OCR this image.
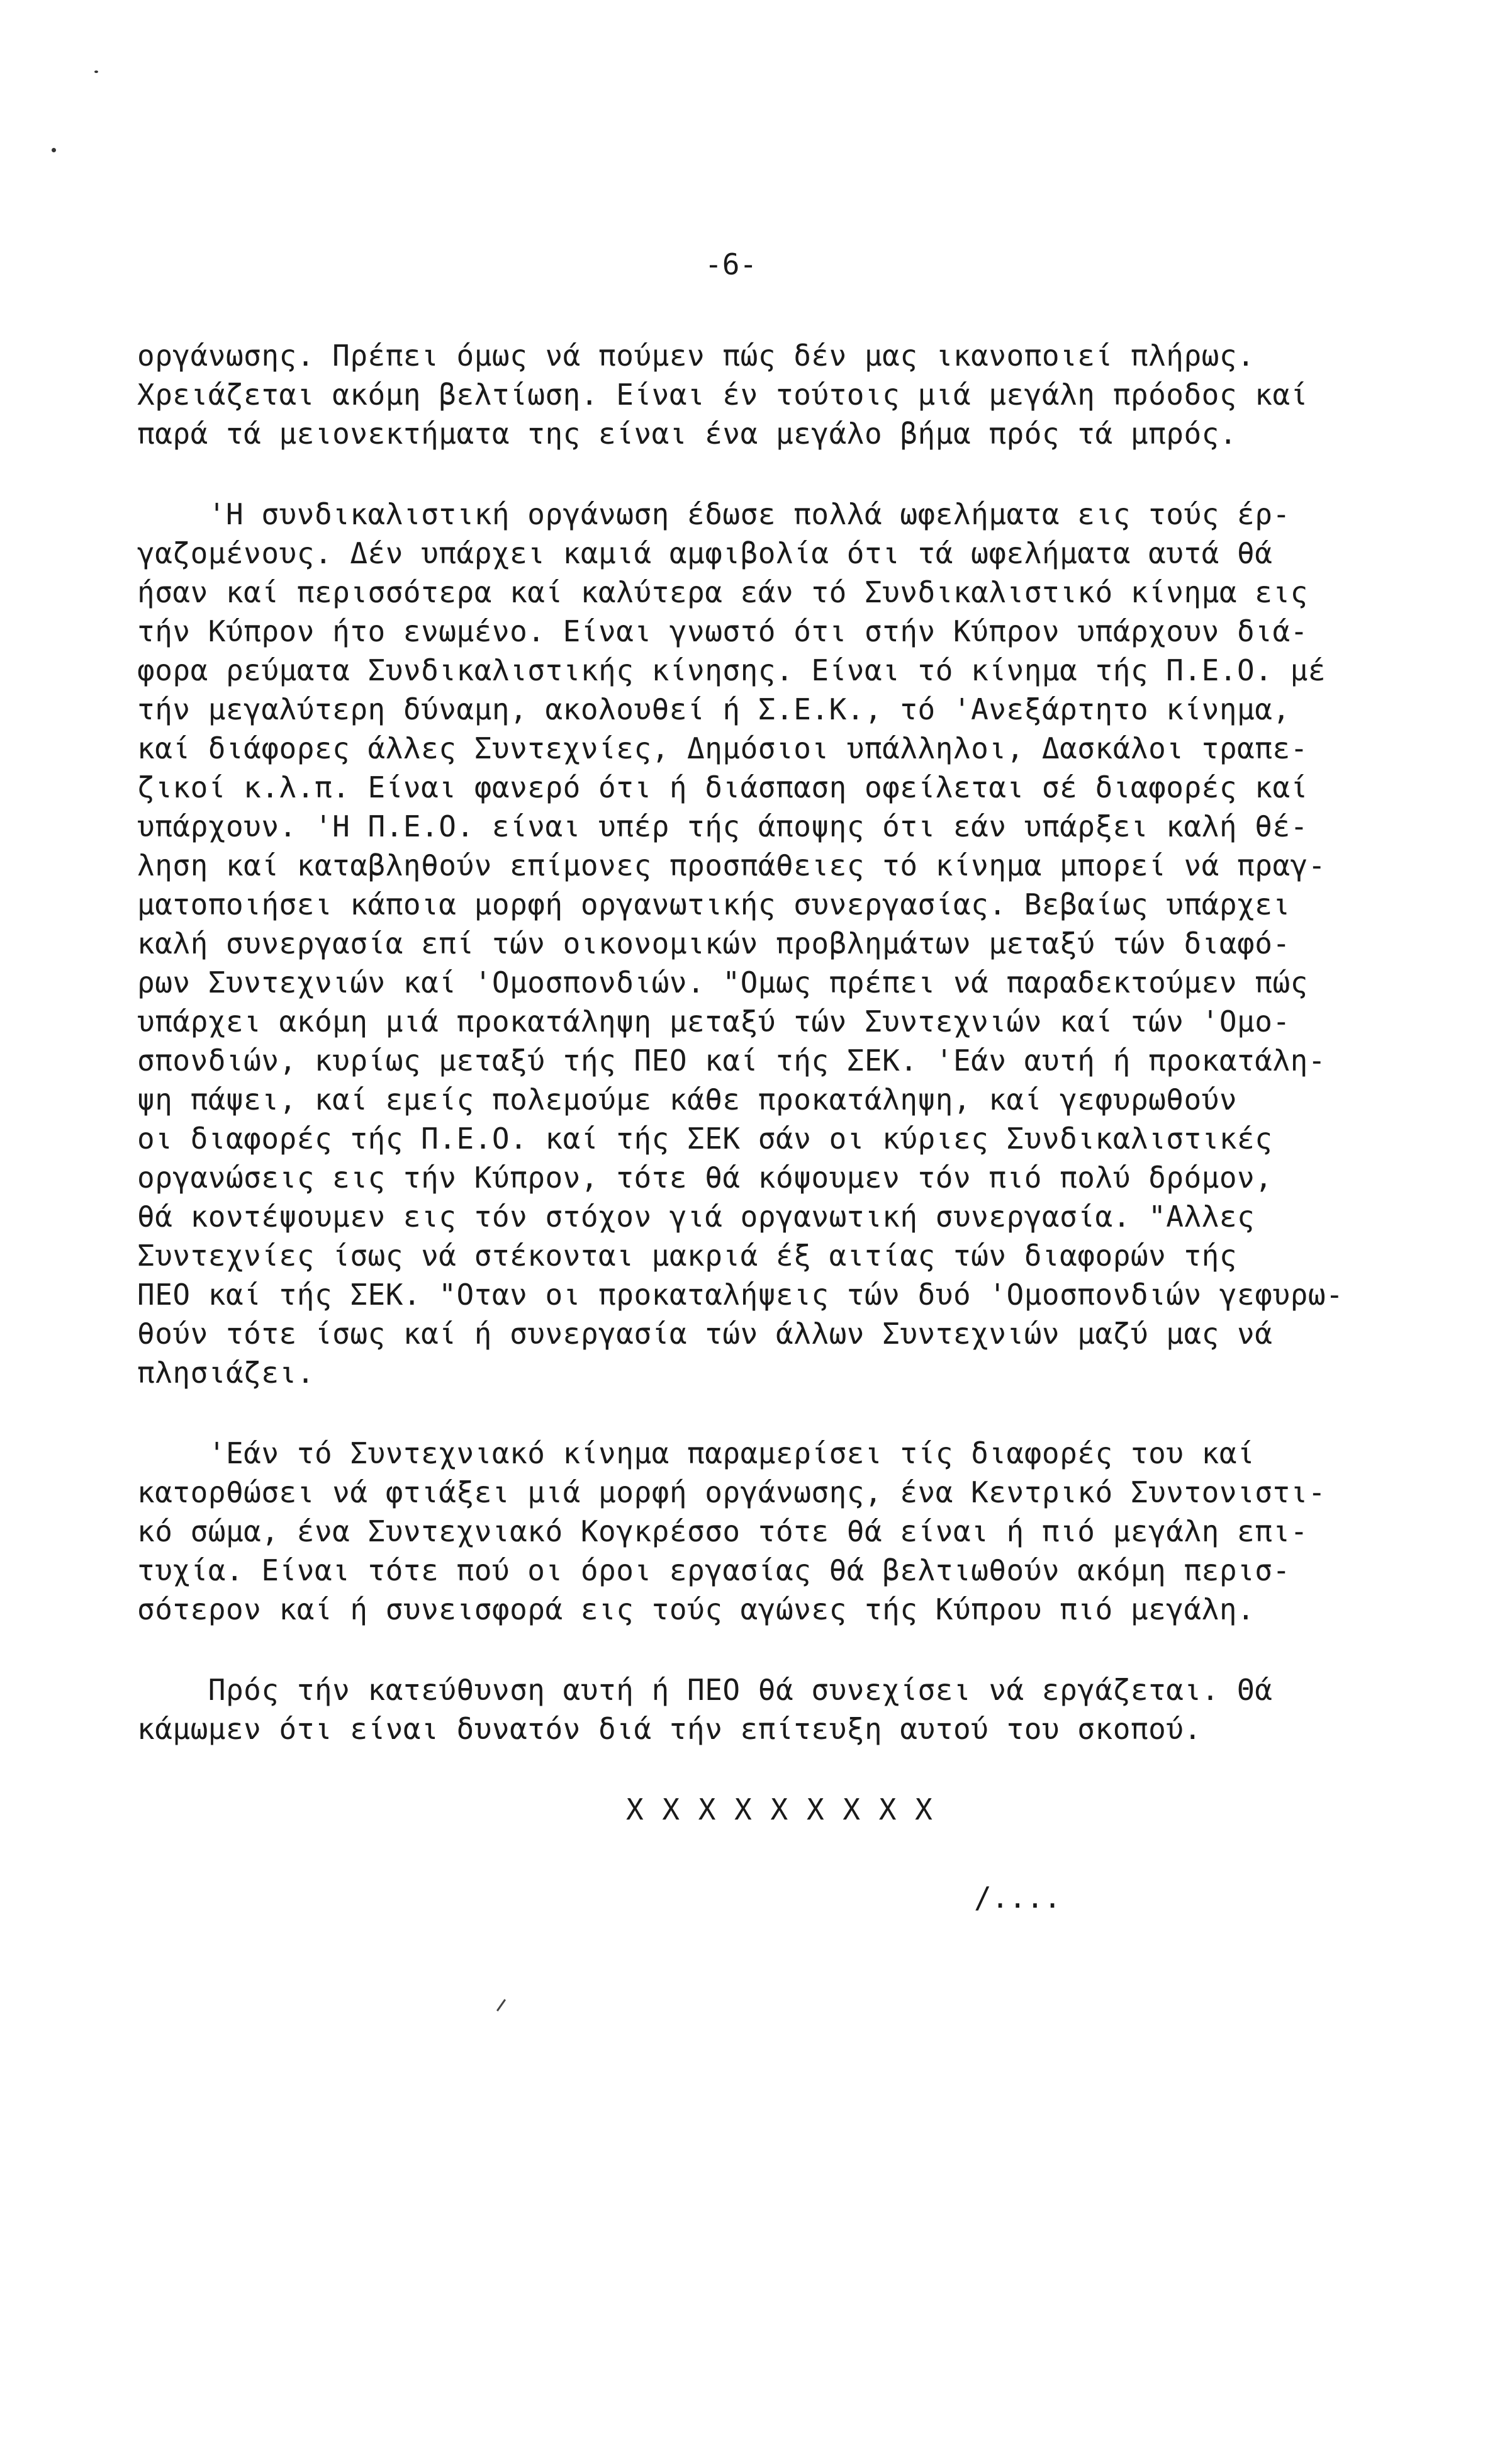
-6-
οργάνωσης. Πρέπει όμως νά πούμεν πώς δέν μας ικανοποιεί πλήρως.
Χρειάζεται ακόμη βελτίωση. Είναι έν τούτοις μιά μεγάλη πρόοδος καί
παρά τά μειονεκτήματα της είναι ένα μεγάλο βήμα πρός τά μπρός.
'Η συνδικαλιστική οργάνωση έδωσε πολλά ωφελήματα εις τούς έρ-
γαζομένους. Δέν υπάρχει καμιά αμφιβολία ότι τά ωφελήματα αυτά θά
ήσαν καί περισσότερα καί καλύτερα εάν τό Συνδικαλιστικό κίνημα εις
τήν Κύπρον ήτο ενωμένο. Είναι γνωστό ότι στήν Κύπρον υπάρχουν διά-
φορα ρεύματα Συνδικαλιστικής κίνησης. Είναι τό κίνημα τής Π.Ε.Ο. μέ
τήν μεγαλύτερη δύναμη, ακολουθεί ή Σ.Ε.Κ., τό 'Ανεξάρτητο κίνημα,
καί διάφορες άλλες Συντεχνίες, Δημόσιοι υπάλληλοι, Δασκάλοι τραπε-
ζικοί κ.λ.π. Είναι φανερό ότι ή διάσπαση οφείλεται σέ διαφορές καί
υπάρχουν. 'Η Π.Ε.Ο. είναι υπέρ τής άποψης ότι εάν υπάρξει καλή θέ-
ληση καί καταβληθούν επίμονες προσπάθειες τό κίνημα μπορεί νά πραγ-
ματοποιήσει κάποια μορφή οργανωτικής συνεργασίας. Βεβαίως υπάρχει
καλή συνεργασία επί τών οικονομικών προβλημάτων μεταξύ τών διαφό-
ρων Συντεχνιών καί 'Ομοσπονδιών. "Ομως πρέπει νά παραδεκτούμεν πώς
υπάρχει ακόμη μιά προκατάληψη μεταξύ τών Συντεχνιών καί τών 'Ομο-
σπονδιών, κυρίως μεταξύ τής ΠΕΟ καί τής ΣΕΚ. 'Εάν αυτή ή προκατάλη-
ψη πάψει, καί εμείς πολεμούμε κάθε προκατάληψη, καί γεφυρωθούν
οι διαφορές τής Π.Ε.Ο. καί τής ΣΕΚ σάν οι κύριες Συνδικαλιστικές
οργανώσεις εις τήν Κύπρον, τότε θά κόψουμεν τόν πιό πολύ δρόμον,
θά κοντέψουμεν εις τόν στόχον γιά οργανωτική συνεργασία. "Αλλες
Συντεχνίες ίσως νά στέκονται μακριά έξ αιτίας τών διαφορών τής
ΠΕΟ καί τής ΣΕΚ. "Οταν οι προκαταλήψεις τών δυό 'Ομοσπονδιών γεφυρω-
θούν τότε ίσως καί ή συνεργασία τών άλλων Συντεχνιών μαζύ μας νά
πλησιάζει.
'Εάν τό Συντεχνιακό κίνημα παραμερίσει τίς διαφορές του καί
κατορθώσει νά φτιάξει μιά μορφή οργάνωσης, ένα Κεντρικό Συντονιστι-
κό σώμα, ένα Συντεχνιακό Κογκρέσσο τότε θά είναι ή πιό μεγάλη επι-
τυχία. Είναι τότε πού οι όροι εργασίας θά βελτιωθούν ακόμη περισ-
σότερον καί ή συνεισφορά εις τούς αγώνες τής Κύπρου πιό μεγάλη.
Πρός τήν κατεύθυνση αυτή ή ΠΕΟ θά συνεχίσει νά εργάζεται. Θά
κάμωμεν ότι είναι δυνατόν διά τήν επίτευξη αυτού του σκοπού.
X X X X X X X X X
/....
